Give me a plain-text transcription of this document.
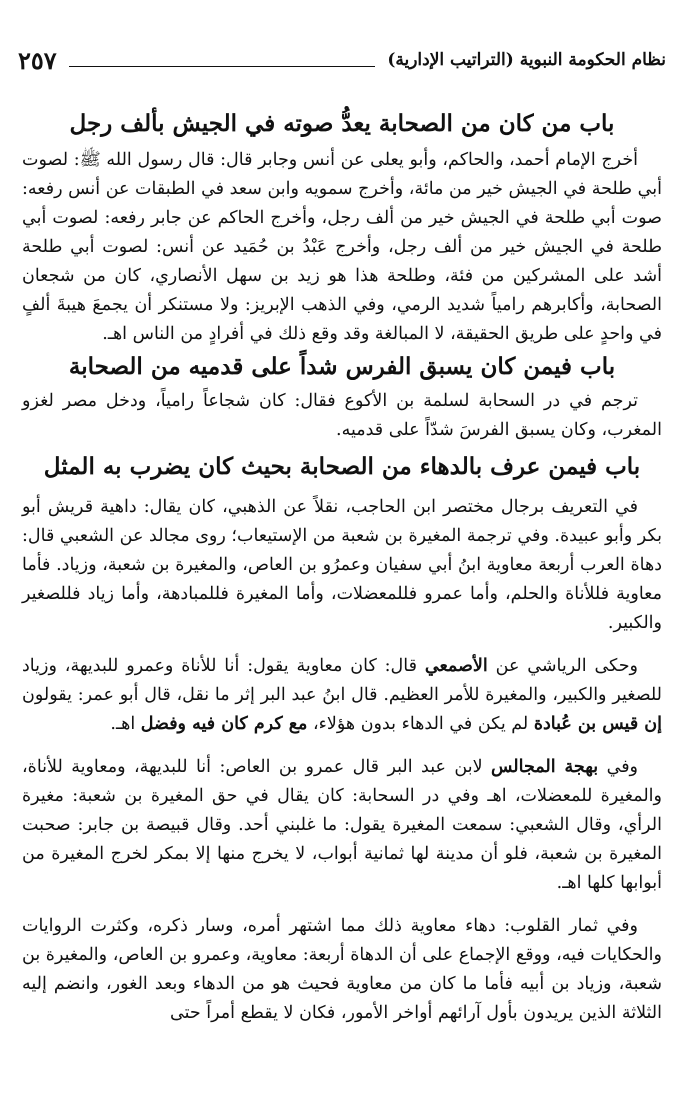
نظام الحكومة النبوية (التراتيب الإدارية)
٢٥٧
باب من كان من الصحابة يعدُّ صوته في الجيش بألف رجل

أخرج الإمام أحمد، والحاكم، وأبو يعلى عن أنس وجابر قال: قال رسول الله ﷺ: لصوت أبي طلحة في الجيش خير من مائة، وأخرج سمويه وابن سعد في الطبقات عن أنس رفعه: صوت أبي طلحة في الجيش خير من ألف رجل، وأخرج الحاكم عن جابر رفعه: لصوت أبي طلحة في الجيش خير من ألف رجل، وأخرج عَبْدُ بن حُمَيد عن أنس: لصوت أبي طلحة أشد على المشركين من فئة، وطلحة هذا هو زيد بن سهل الأنصاري، كان من شجعان الصحابة، وأكابرهم رامياً شديد الرمي، وفي الذهب الإبريز: ولا مستنكر أن يجمعَ هيبةَ ألفٍ في واحدٍ على طريق الحقيقة، لا المبالغة وقد وقع ذلك في أفرادٍ من الناس اهـ.

باب فيمن كان يسبق الفرس شداً على قدميه من الصحابة

ترجم في در السحابة لسلمة بن الأكوع فقال: كان شجاعاً رامياً، ودخل مصر لغزو المغرب، وكان يسبق الفرسَ شدّاً على قدميه.

باب فيمن عرف بالدهاء من الصحابة بحيث كان يضرب به المثل

في التعريف برجال مختصر ابن الحاجب، نقلاً عن الذهبي، كان يقال: داهية قريش أبو بكر وأبو عبيدة. وفي ترجمة المغيرة بن شعبة من الإستيعاب؛ روى مجالد عن الشعبي قال: دهاة العرب أربعة معاوية ابنُ أبي سفيان وعمرُو بن العاص، والمغيرة بن شعبة، وزياد. فأما معاوية فللأناة والحلم، وأما عمرو فللمعضلات، وأما المغيرة فللمبادهة، وأما زياد فللصغير والكبير.

وحكى الرياشي عن الأصمعي قال: كان معاوية يقول: أنا للأناة وعمرو للبديهة، وزياد للصغير والكبير، والمغيرة للأمر العظيم. قال ابنُ عبد البر إثر ما نقل، قال أبو عمر: يقولون إن قيس بن عُبادة لم يكن في الدهاء بدون هؤلاء، مع كرم كان فيه وفضل اهـ.

وفي بهجة المجالس لابن عبد البر قال عمرو بن العاص: أنا للبديهة، ومعاوية للأناة، والمغيرة للمعضلات، اهـ وفي در السحابة: كان يقال في حق المغيرة بن شعبة: مغيرة الرأي، وقال الشعبي: سمعت المغيرة يقول: ما غلبني أحد. وقال قبيصة بن جابر: صحبت المغيرة بن شعبة، فلو أن مدينة لها ثمانية أبواب، لا يخرج منها إلا بمكر لخرج المغيرة من أبوابها كلها اهـ.

وفي ثمار القلوب: دهاء معاوية ذلك مما اشتهر أمره، وسار ذكره، وكثرت الروايات والحكايات فيه، ووقع الإجماع على أن الدهاة أربعة: معاوية، وعمرو بن العاص، والمغيرة بن شعبة، وزياد بن أبيه فأما ما كان من معاوية فحيث هو من الدهاء وبعد الغور، وانضم إليه الثلاثة الذين يريدون بأول آرائهم أواخر الأمور، فكان لا يقطع أمراً حتى
